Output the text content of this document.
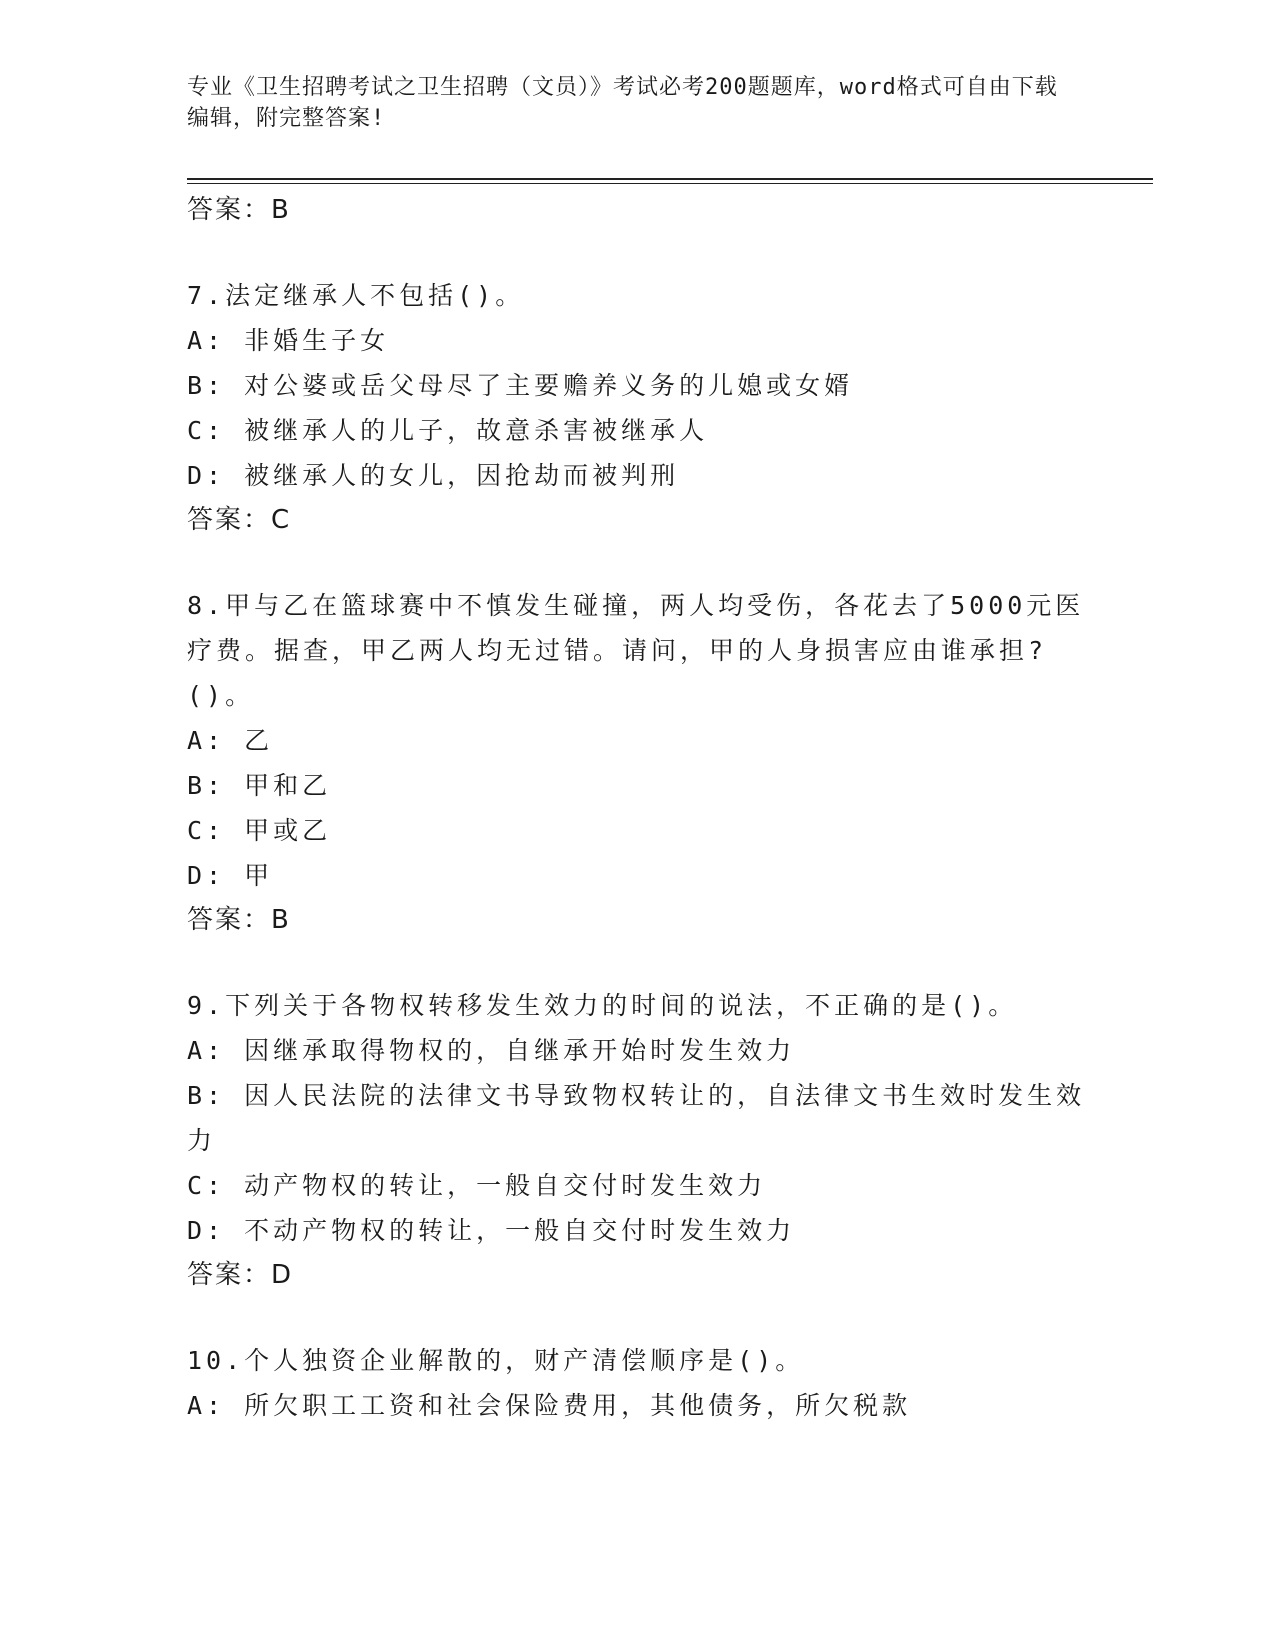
专业《卫生招聘考试之卫生招聘（文员）》考试必考200题题库，word格式可自由下载编辑，附完整答案!
答案：B
7.法定继承人不包括()。
A: 非婚生子女
B: 对公婆或岳父母尽了主要赡养义务的儿媳或女婿
C: 被继承人的儿子，故意杀害被继承人
D: 被继承人的女儿，因抢劫而被判刑
答案：C
8.甲与乙在篮球赛中不慎发生碰撞，两人均受伤，各花去了5000元医
疗费。据查，甲乙两人均无过错。请问，甲的人身损害应由谁承担?
()。
A: 乙
B: 甲和乙
C: 甲或乙
D: 甲
答案：B
9.下列关于各物权转移发生效力的时间的说法，不正确的是()。
A: 因继承取得物权的，自继承开始时发生效力
B: 因人民法院的法律文书导致物权转让的，自法律文书生效时发生效
力
C: 动产物权的转让，一般自交付时发生效力
D: 不动产物权的转让，一般自交付时发生效力
答案：D
10.个人独资企业解散的，财产清偿顺序是()。
A: 所欠职工工资和社会保险费用，其他债务，所欠税款
